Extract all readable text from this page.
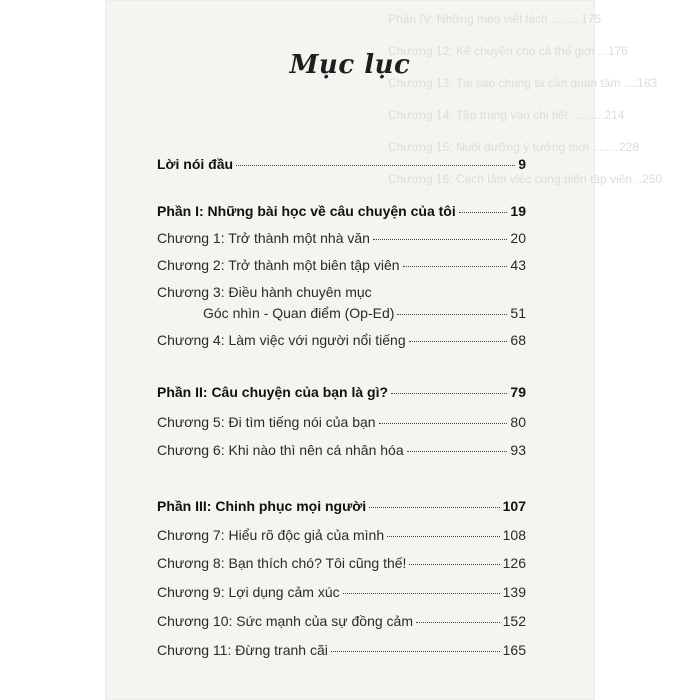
Phần IV: Những mẹo viết lách ........ 175
Chương 12: Kể chuyện cho cả thế giới ...176
Chương 13: Tại sao chúng ta cần quan tâm ....183
Chương 14: Tập trung vào chi tiết ..........214
Chương 15: Nuôi dưỡng ý tưởng mới ........228
Chương 16: Cách làm việc cùng biên tập viên ..250
Mục lục
Lời nói đầu	9
Phần I: Những bài học về câu chuyện của tôi	19
Chương 1: Trở thành một nhà văn	20
Chương 2: Trở thành một biên tập viên	43
Chương 3: Điều hành chuyên mục
Góc nhìn - Quan điểm (Op-Ed)	51
Chương 4: Làm việc với người nổi tiếng	68
Phần II: Câu chuyện của bạn là gì?	79
Chương 5: Đi tìm tiếng nói của bạn	80
Chương 6: Khi nào thì nên cá nhân hóa	93
Phần III: Chinh phục mọi người	107
Chương 7: Hiểu rõ độc giả của mình	108
Chương 8: Bạn thích chó? Tôi cũng thế!	126
Chương 9: Lợi dụng cảm xúc	139
Chương 10: Sức mạnh của sự đồng cảm	152
Chương 11: Đừng tranh cãi	165
